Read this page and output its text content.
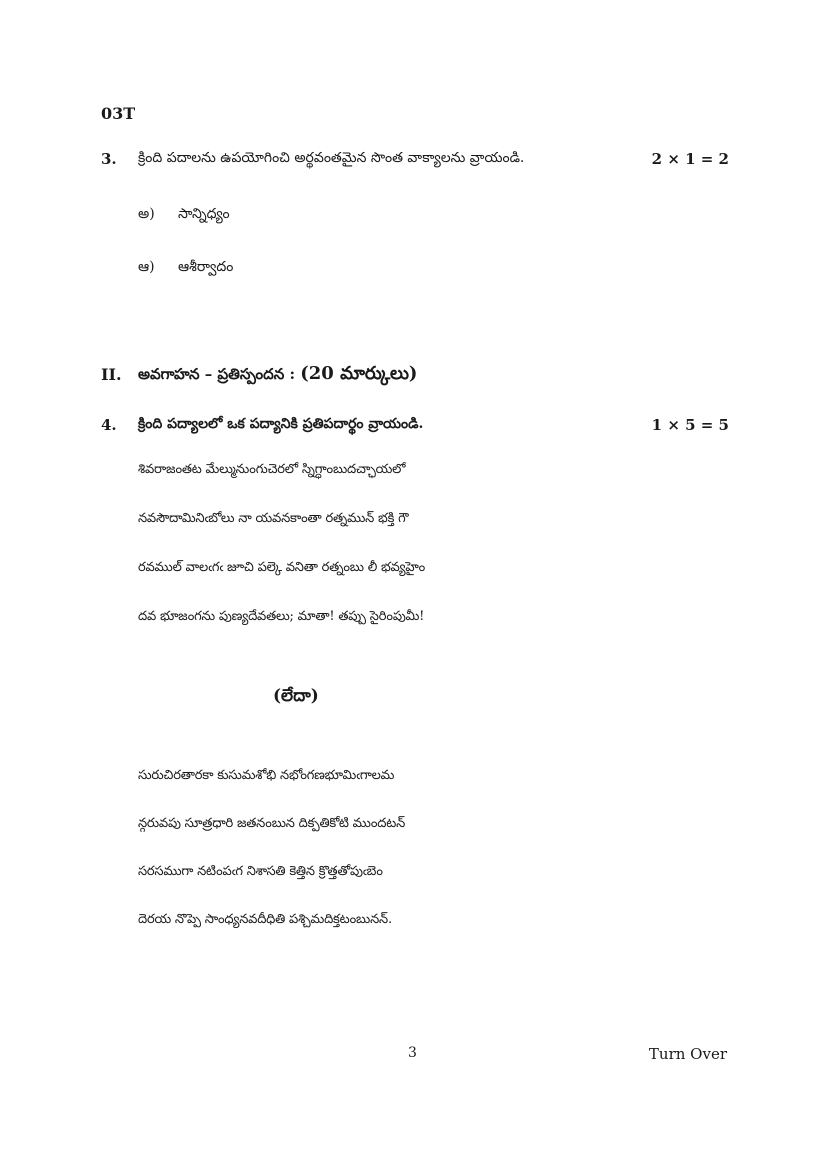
03T
3. క్రింది పదాలను ఉపయోగించి అర్థవంతమైన సొంత వాక్యాలను వ్రాయండి.	2 × 1 = 2
అ) సాన్నిధ్యం
ఆ) ఆశీర్వాదం
II. అవగాహన – ప్రతిస్పందన : (20 మార్కులు)
4. క్రింది పద్యాలలో ఒక పద్యానికి ప్రతిపదార్థం వ్రాయండి.	1 × 5 = 5
శివరాజంతట మేల్మునుంగుచెరలో స్నిగ్ధాంబుదచ్ఛాయలో
నవసౌదామినిఁబోలు నా యవనకాంతా రత్నమున్ భక్తి గౌ
రవముల్ వాలఁగఁ జూచి పల్కె వనితా రత్నంబు లీ భవ్యహైం
దవ భూజంగను పుణ్యదేవతలు; మాతా! తప్పు సైరింపుమీ!
(లేదా)
సురుచిరతారకా కుసుమశోభి నభోంగణభూమిఁగాలమ
న్గరువపు సూత్రధారి జతనంబున దిక్పతికోటి ముందటన్
సరసముగా నటింపఁగ నిశాసతి కెత్తిన క్రొత్తతోపుఁబెం
దెరయ నొప్పె సాంధ్యనవదీధితి పశ్చిమదిక్తటంబునన్.
3	Turn Over
